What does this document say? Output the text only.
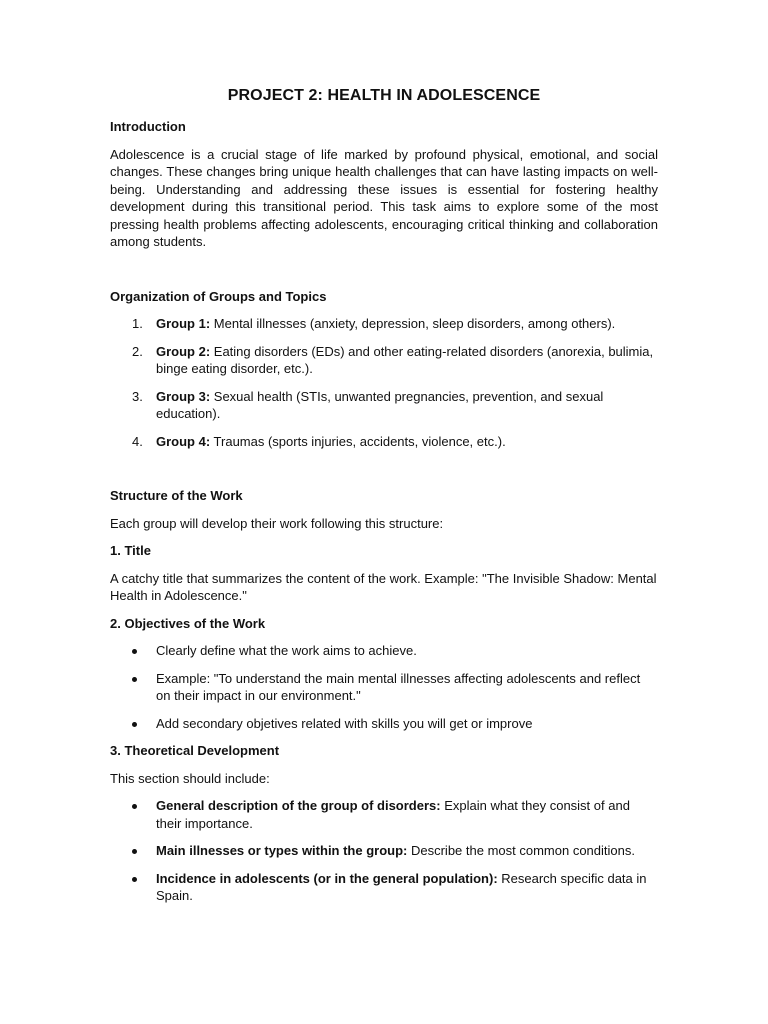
PROJECT 2: HEALTH IN ADOLESCENCE
Introduction
Adolescence is a crucial stage of life marked by profound physical, emotional, and social changes. These changes bring unique health challenges that can have lasting impacts on well-being. Understanding and addressing these issues is essential for fostering healthy development during this transitional period. This task aims to explore some of the most pressing health problems affecting adolescents, encouraging critical thinking and collaboration among students.
Organization of Groups and Topics
1. Group 1: Mental illnesses (anxiety, depression, sleep disorders, among others).
2. Group 2: Eating disorders (EDs) and other eating-related disorders (anorexia, bulimia, binge eating disorder, etc.).
3. Group 3: Sexual health (STIs, unwanted pregnancies, prevention, and sexual education).
4. Group 4: Traumas (sports injuries, accidents, violence, etc.).
Structure of the Work
Each group will develop their work following this structure:
1. Title
A catchy title that summarizes the content of the work. Example: "The Invisible Shadow: Mental Health in Adolescence."
2. Objectives of the Work
Clearly define what the work aims to achieve.
Example: "To understand the main mental illnesses affecting adolescents and reflect on their impact in our environment."
Add secondary objetives related with skills you will get or improve
3. Theoretical Development
This section should include:
General description of the group of disorders: Explain what they consist of and their importance.
Main illnesses or types within the group: Describe the most common conditions.
Incidence in adolescents (or in the general population): Research specific data in Spain.
